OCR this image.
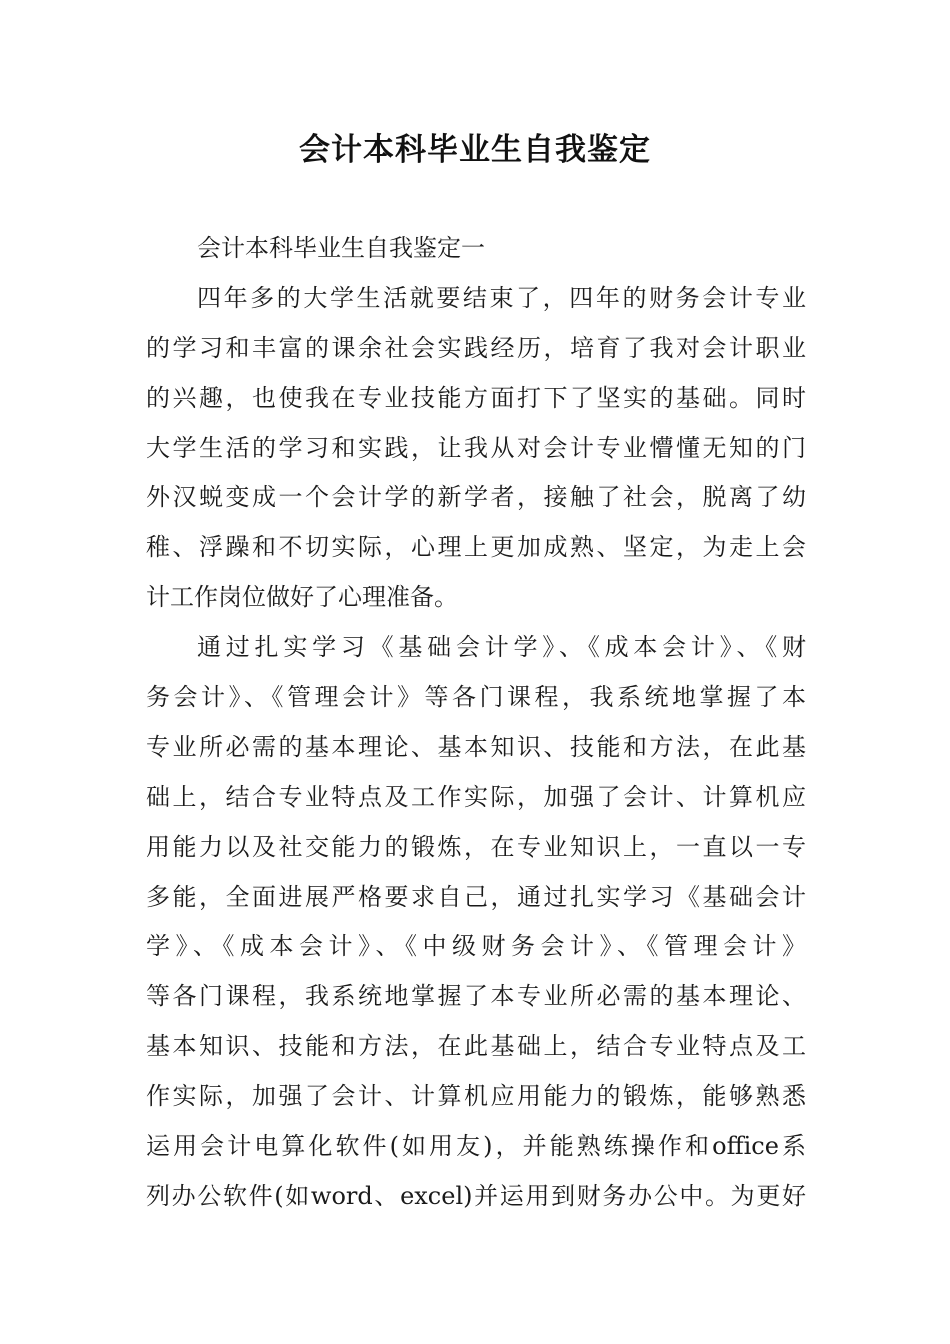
会计本科毕业生自我鉴定
会计本科毕业生自我鉴定一
四年多的大学生活就要结束了，四年的财务会计专业
的学习和丰富的课余社会实践经历，培育了我对会计职业
的兴趣，也使我在专业技能方面打下了坚实的基础。同时
大学生活的学习和实践，让我从对会计专业懵懂无知的门
外汉蜕变成一个会计学的新学者，接触了社会，脱离了幼
稚、浮躁和不切实际，心理上更加成熟、坚定，为走上会
计工作岗位做好了心理准备。
通过扎实学习《基础会计学》、《成本会计》、《财
务会计》、《管理会计》等各门课程，我系统地掌握了本
专业所必需的基本理论、基本知识、技能和方法，在此基
础上，结合专业特点及工作实际，加强了会计、计算机应
用能力以及社交能力的锻炼，在专业知识上，一直以一专
多能，全面进展严格要求自己，通过扎实学习《基础会计
学》、《成本会计》、《中级财务会计》、《管理会计》
等各门课程，我系统地掌握了本专业所必需的基本理论、
基本知识、技能和方法，在此基础上，结合专业特点及工
作实际，加强了会计、计算机应用能力的锻炼，能够熟悉
运用会计电算化软件(如用友)，并能熟练操作和office系
列办公软件(如word、excel)并运用到财务办公中。为更好
